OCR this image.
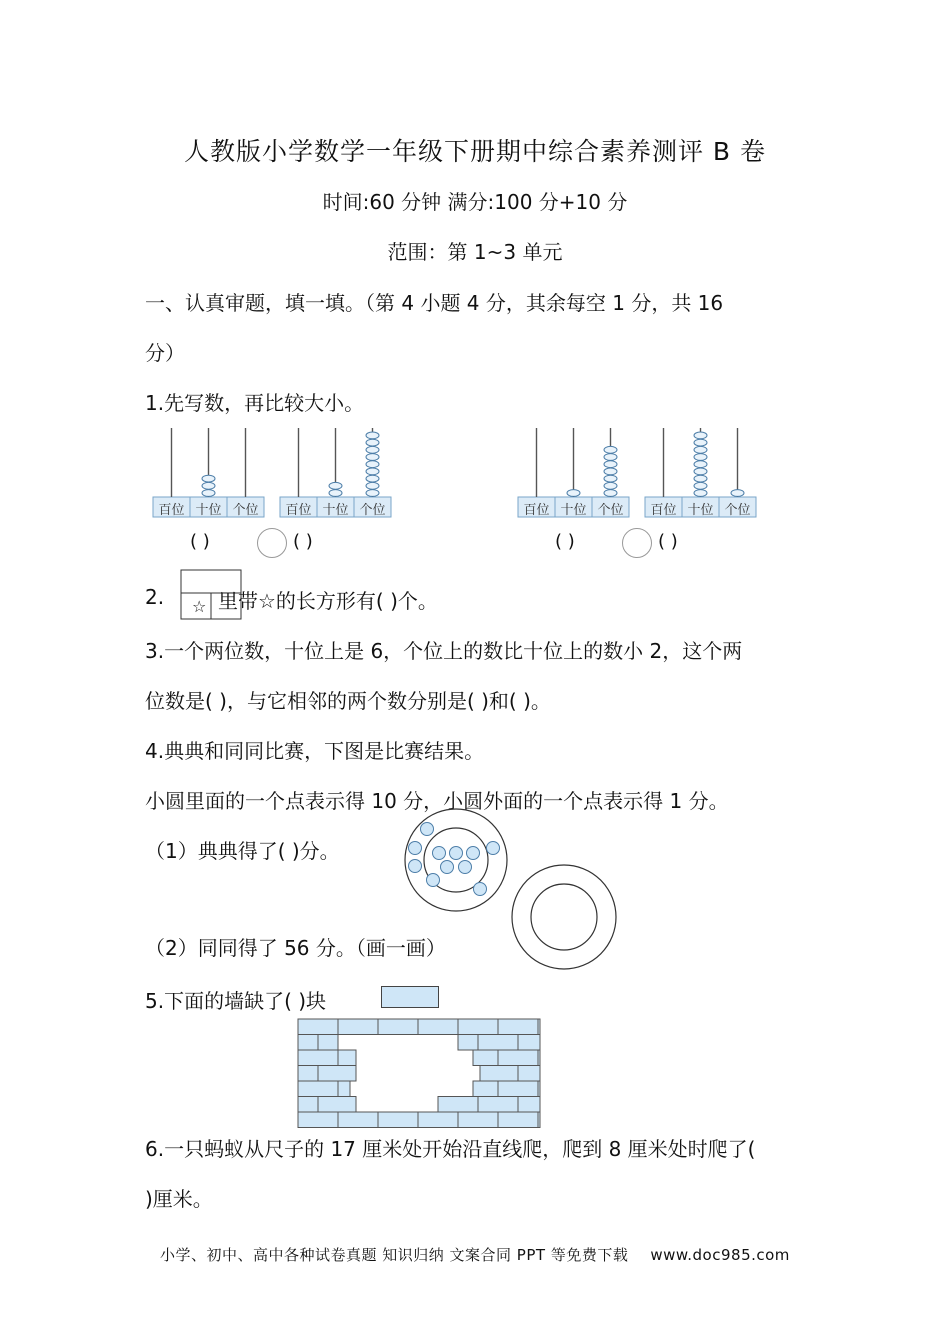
人教版小学数学一年级下册期中综合素养测评 B 卷
时间:60 分钟 满分:100 分+10 分
范围：第 1~3 单元
一、认真审题，填一填。（第 4 小题 4 分，其余每空 1 分，共 16
分）
1.先写数，再比较大小。
百位 十位 个位	百位 十位 个位	百位 十位 个位	百位 十位 个位
( )	( )	( )	( )
2. ☆ 里带☆的长方形有( )个。
3.一个两位数，十位上是 6，个位上的数比十位上的数小 2，这个两
位数是( )，与它相邻的两个数分别是( )和( )。
4.典典和同同比赛，下图是比赛结果。
小圆里面的一个点表示得 10 分，小圆外面的一个点表示得 1 分。
（1）典典得了( )分。
（2）同同得了 56 分。（画一画）
5.下面的墙缺了( )块
6.一只蚂蚁从尺子的 17 厘米处开始沿直线爬，爬到 8 厘米处时爬了(
)厘米。
小学、初中、高中各种试卷真题 知识归纳 文案合同 PPT 等免费下载 www.doc985.com
